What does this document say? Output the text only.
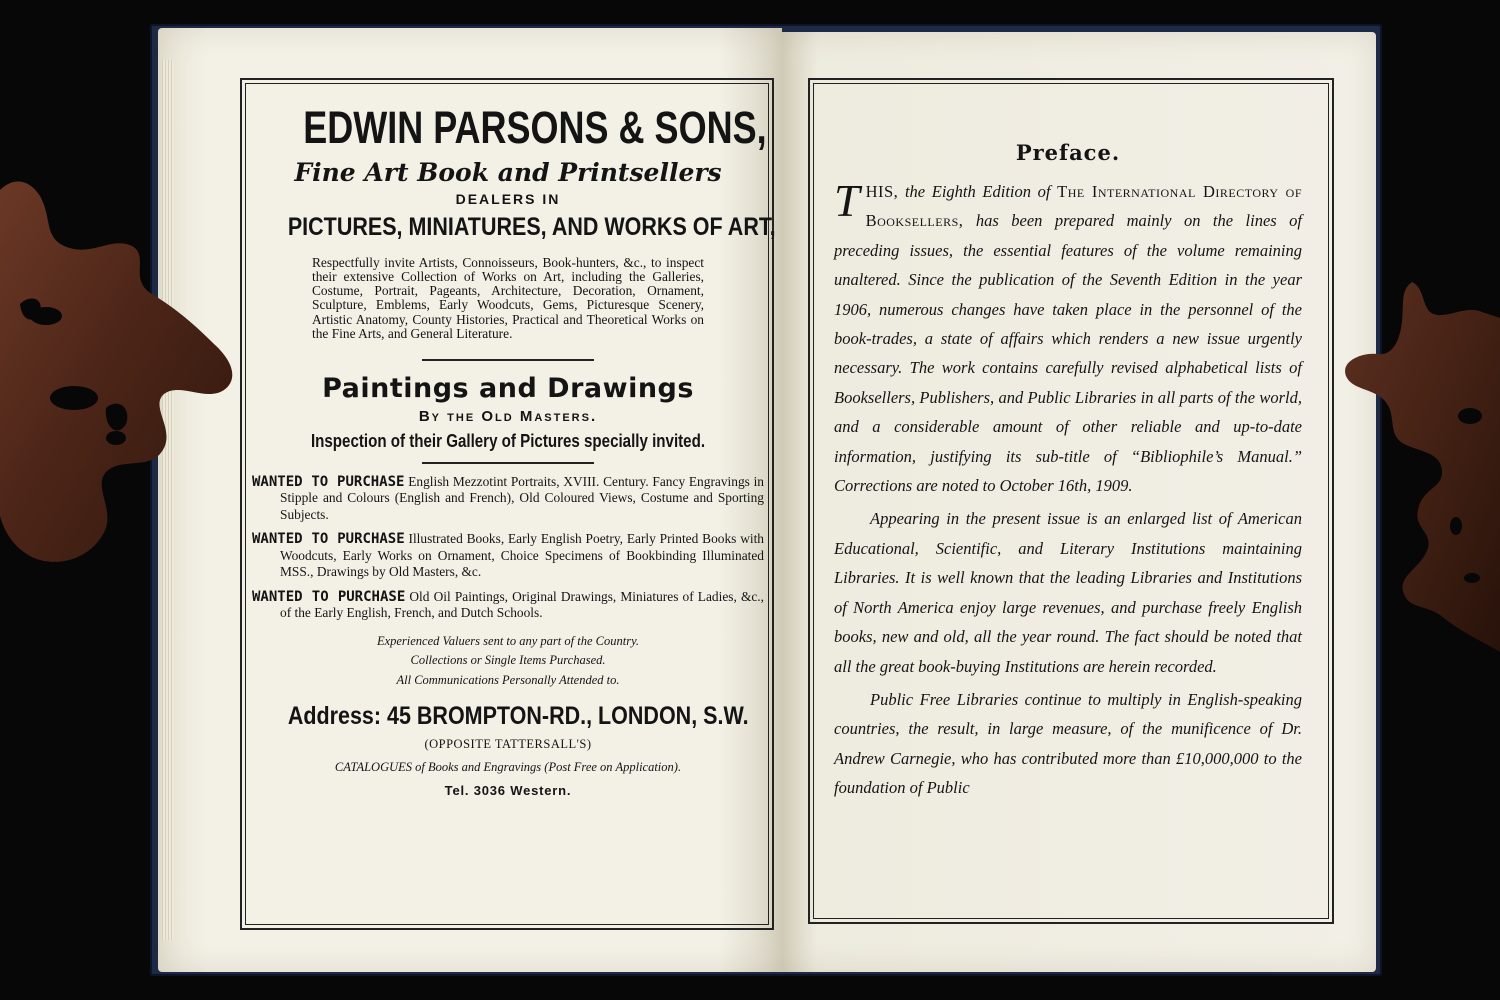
EDWIN PARSONS & SONS,
Fine Art Book and Printsellers
DEALERS IN
PICTURES, MINIATURES, AND WORKS OF ART,
Respectfully invite Artists, Connoisseurs, Book-hunters, &c., to inspect their extensive Collection of Works on Art, including the Galleries, Costume, Portrait, Pageants, Architecture, Decoration, Ornament, Sculpture, Emblems, Early Woodcuts, Gems, Picturesque Scenery, Artistic Anatomy, County Histories, Practical and Theoretical Works on the Fine Arts, and General Literature.
Paintings and Drawings
By the Old Masters.
Inspection of their Gallery of Pictures specially invited.
WANTED TO PURCHASE English Mezzotint Portraits, XVIII. Century. Fancy Engravings in Stipple and Colours (English and French), Old Coloured Views, Costume and Sporting Subjects.
WANTED TO PURCHASE Illustrated Books, Early English Poetry, Early Printed Books with Woodcuts, Early Works on Ornament, Choice Specimens of Bookbinding Illuminated MSS., Drawings by Old Masters, &c.
WANTED TO PURCHASE Old Oil Paintings, Original Drawings, Miniatures of Ladies, &c., of the Early English, French, and Dutch Schools.
Experienced Valuers sent to any part of the Country.
Collections or Single Items Purchased.
All Communications Personally Attended to.
Address: 45 BROMPTON-RD., LONDON, S.W.
(OPPOSITE TATTERSALL'S)
CATALOGUES of Books and Engravings (Post Free on Application).
Tel. 3036 Western.
Preface.

THIS, the Eighth Edition of The International Directory of Booksellers, has been prepared mainly on the lines of preceding issues, the essential features of the volume remaining unaltered. Since the publication of the Seventh Edition in the year 1906, numerous changes have taken place in the personnel of the book-trades, a state of affairs which renders a new issue urgently necessary. The work contains carefully revised alphabetical lists of Booksellers, Publishers, and Public Libraries in all parts of the world, and a considerable amount of other reliable and up-to-date information, justifying its sub-title of “Bibliophile’s Manual.” Corrections are noted to October 16th, 1909.

Appearing in the present issue is an enlarged list of American Educational, Scientific, and Literary Institutions maintaining Libraries. It is well known that the leading Libraries and Institutions of North America enjoy large revenues, and purchase freely English books, new and old, all the year round. The fact should be noted that all the great book-buying Institutions are herein recorded.

Public Free Libraries continue to multiply in English-speaking countries, the result, in large measure, of the munificence of Dr. Andrew Carnegie, who has contributed more than £10,000,000 to the foundation of Public
